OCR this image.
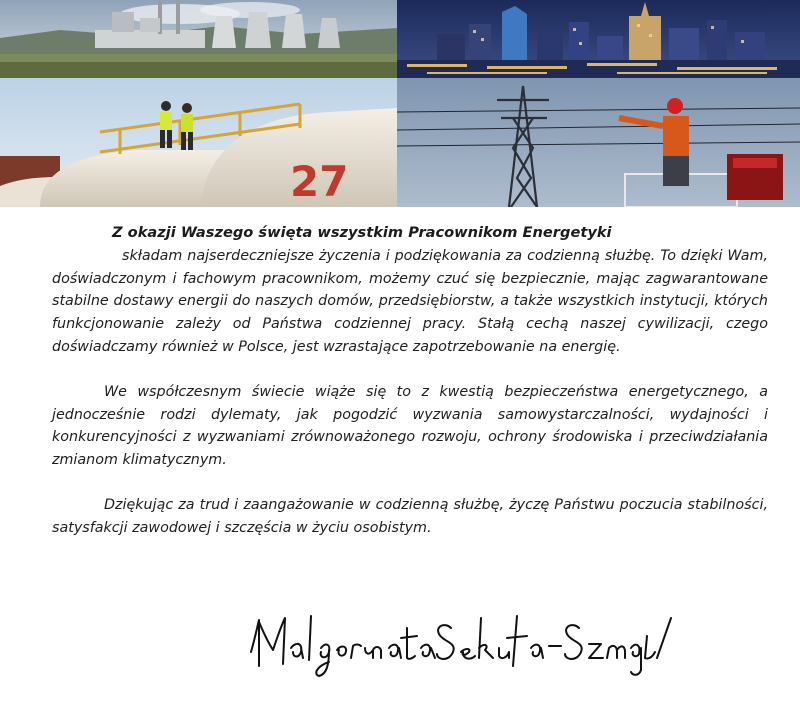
27
Z okazji Waszego święta wszystkim Pracownikom Energetyki

składam najserdeczniejsze życzenia i podziękowania za codzienną służbę. To dzięki Wam, doświadczonym i fachowym pracownikom, możemy czuć się bezpiecznie, mając zagwarantowane stabilne dostawy energii do naszych domów, przedsiębiorstw, a także wszystkich instytucji, których funkcjonowanie zależy od Państwa codziennej pracy. Stałą cechą naszej cywilizacji, czego doświadczamy również w Polsce, jest wzrastające zapotrzebowanie na energię.

We współczesnym świecie wiąże się to z kwestią bezpieczeństwa energetycznego, a jednocześnie rodzi dylematy, jak pogodzić wyzwania samowystarczalności, wydajności i konkurencyjności z wyzwaniami zrównoważonego rozwoju, ochrony środowiska i przeciwdziałania zmianom klimatycznym.

Dziękując za trud i zaangażowanie w codzienną służbę, życzę Państwu poczucia stabilności, satysfakcji zawodowej i szczęścia w życiu osobistym.
